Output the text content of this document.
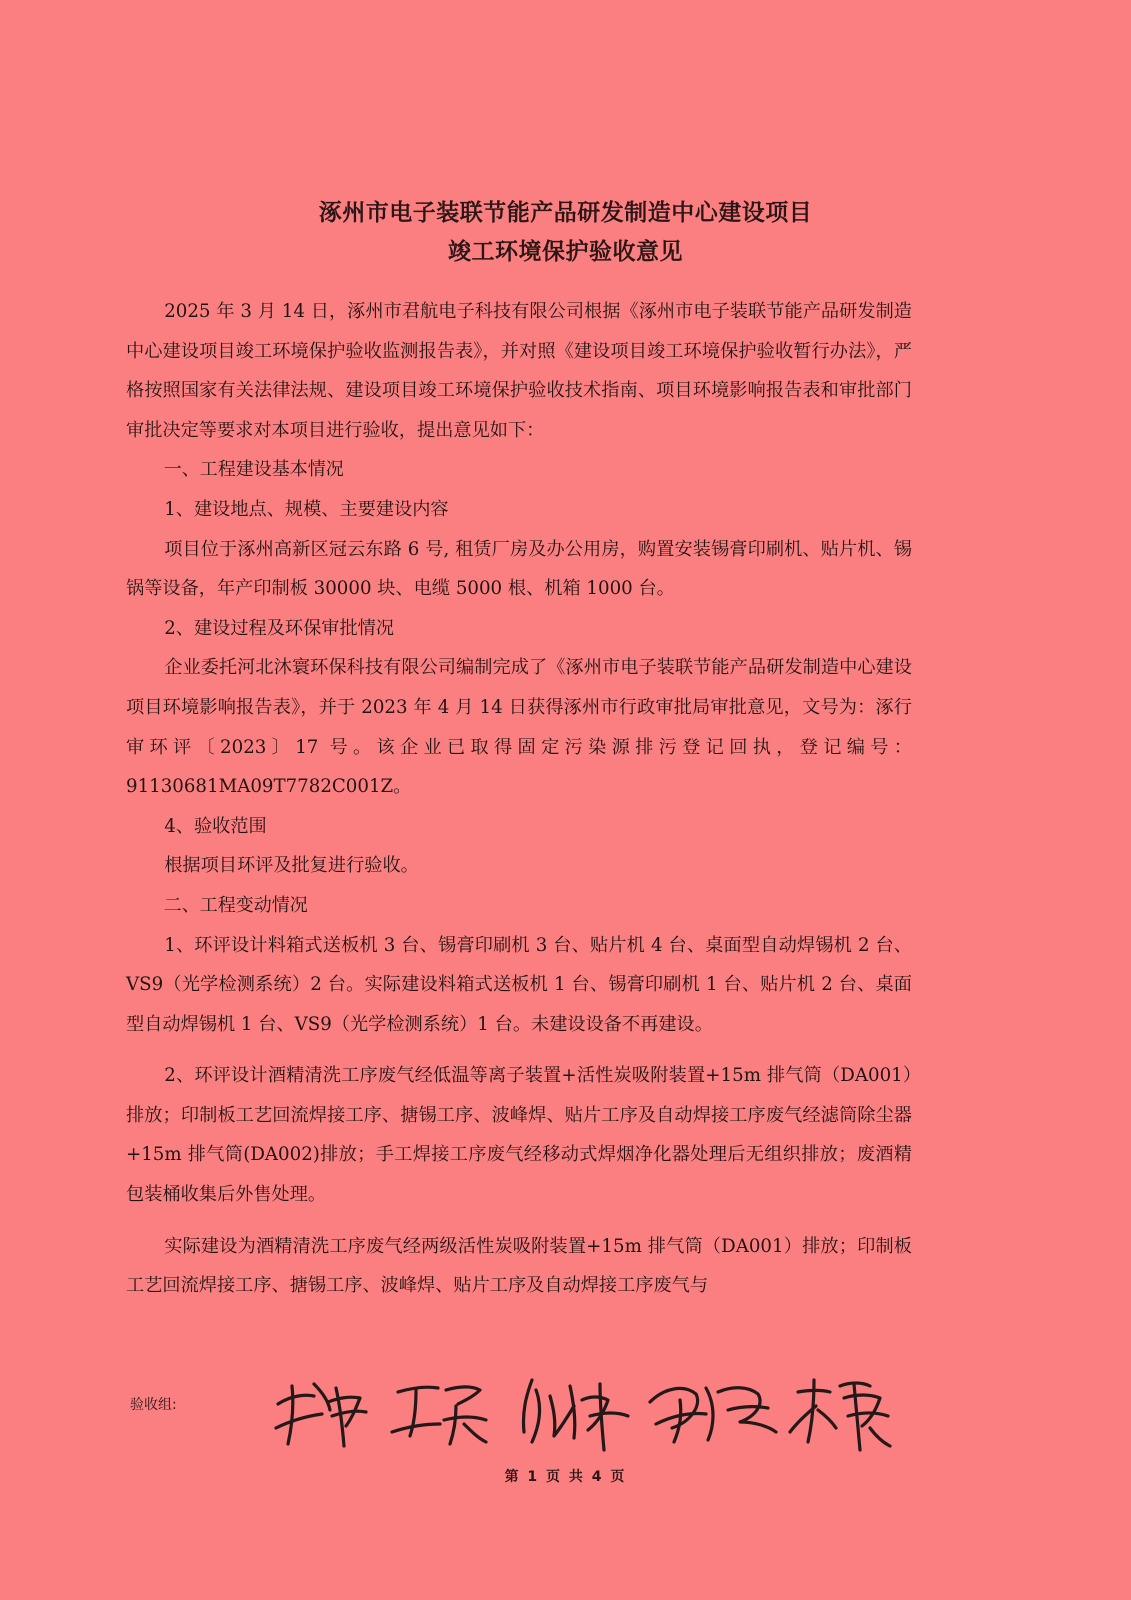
涿州市电子装联节能产品研发制造中心建设项目
竣工环境保护验收意见

2025 年 3 月 14 日，涿州市君航电子科技有限公司根据《涿州市电子装联节能产品研发制造中心建设项目竣工环境保护验收监测报告表》，并对照《建设项目竣工环境保护验收暂行办法》，严格按照国家有关法律法规、建设项目竣工环境保护验收技术指南、项目环境影响报告表和审批部门审批决定等要求对本项目进行验收，提出意见如下：

一、工程建设基本情况

1、建设地点、规模、主要建设内容

项目位于涿州高新区冠云东路 6 号, 租赁厂房及办公用房，购置安装锡膏印刷机、贴片机、锡锅等设备，年产印制板 30000 块、电缆 5000 根、机箱 1000 台。

2、建设过程及环保审批情况

企业委托河北沐寰环保科技有限公司编制完成了《涿州市电子装联节能产品研发制造中心建设项目环境影响报告表》，并于 2023 年 4 月 14 日获得涿州市行政审批局审批意见，文号为：涿行审环评〔2023〕17 号。该企业已取得固定污染源排污登记回执，登记编号：91130681MA09T7782C001Z。

4、验收范围

根据项目环评及批复进行验收。

二、工程变动情况

1、环评设计料箱式送板机 3 台、锡膏印刷机 3 台、贴片机 4 台、桌面型自动焊锡机 2 台、VS9（光学检测系统）2 台。实际建设料箱式送板机 1 台、锡膏印刷机 1 台、贴片机 2 台、桌面型自动焊锡机 1 台、VS9（光学检测系统）1 台。未建设设备不再建设。

2、环评设计酒精清洗工序废气经低温等离子装置+活性炭吸附装置+15m 排气筒（DA001）排放；印制板工艺回流焊接工序、搪锡工序、波峰焊、贴片工序及自动焊接工序废气经滤筒除尘器+15m 排气筒(DA002)排放；手工焊接工序废气经移动式焊烟净化器处理后无组织排放；废酒精包装桶收集后外售处理。

实际建设为酒精清洗工序废气经两级活性炭吸附装置+15m 排气筒（DA001）排放；印制板工艺回流焊接工序、搪锡工序、波峰焊、贴片工序及自动焊接工序废气与

验收组:
第 1 页 共 4 页
